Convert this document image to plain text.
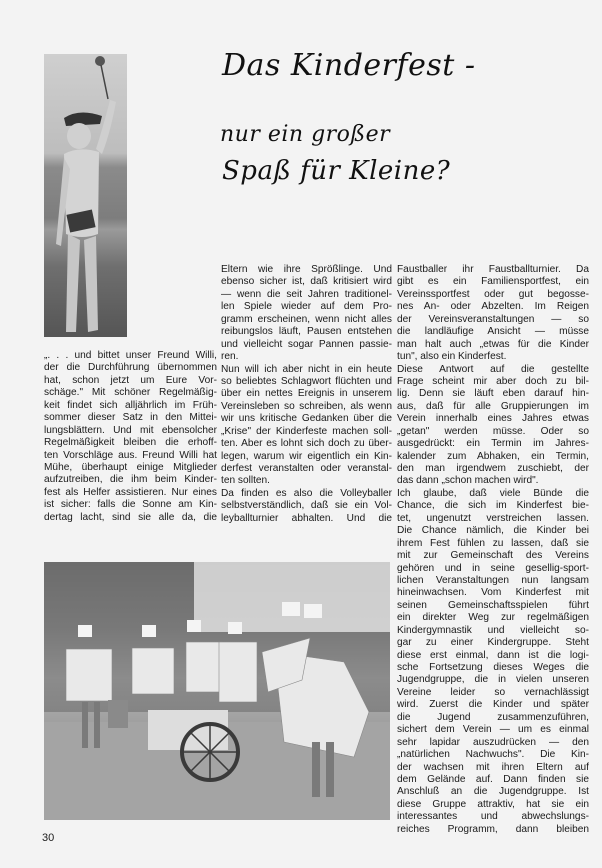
Das Kinderfest -
nur ein großer
Spaß für Kleine?
„. . . und bittet unser Freund Willi,
der die Durchführung übernommen
hat, schon jetzt um Eure Vor-
schäge." Mit schöner Regelmäßig-
keit findet sich alljährlich im Früh-
sommer dieser Satz in den Mittei-
lungsblättern. Und mit ebensolcher
Regelmäßigkeit bleiben die erhoff-
ten Vorschläge aus. Freund Willi hat
Mühe, überhaupt einige Mitglieder
aufzutreiben, die ihm beim Kinder-
fest als Helfer assistieren. Nur eines
ist sicher: falls die Sonne am Kin-
dertag lacht, sind sie alle da, die
Eltern wie ihre Sprößlinge. Und
ebenso sicher ist, daß kritisiert wird
— wenn die seit Jahren traditionel-
len Spiele wieder auf dem Pro-
gramm erscheinen, wenn nicht alles
reibungslos läuft, Pausen entstehen
und vielleicht sogar Pannen passie-
ren.
Nun will ich aber nicht in ein heute
so beliebtes Schlagwort flüchten und
über ein nettes Ereignis in unserem
Vereinsleben so schreiben, als wenn
wir uns kritische Gedanken über die
„Krise" der Kinderfeste machen soll-
ten. Aber es lohnt sich doch zu über-
legen, warum wir eigentlich ein Kin-
derfest veranstalten oder veranstal-
ten sollten.
Da finden es also die Volleyballer
selbstverständlich, daß sie ein Vol-
leyballturnier abhalten. Und die
Faustballer ihr Faustballturnier. Da
gibt es ein Familiensportfest, ein
Vereinssportfest oder gut begosse-
nes An- oder Abzelten. Im Reigen
der Vereinsveranstaltungen — so
die landläufige Ansicht — müsse
man halt auch „etwas für die Kinder
tun", also ein Kinderfest.
Diese Antwort auf die gestellte
Frage scheint mir aber doch zu bil-
lig. Denn sie läuft eben darauf hin-
aus, daß für alle Gruppierungen im
Verein innerhalb eines Jahres etwas
„getan" werden müsse. Oder so
ausgedrückt: ein Termin im Jahres-
kalender zum Abhaken, ein Termin,
den man irgendwem zuschiebt, der
das dann „schon machen wird".
Ich glaube, daß viele Bünde die
Chance, die sich im Kinderfest bie-
tet, ungenutzt verstreichen lassen.
Die Chance nämlich, die Kinder bei
ihrem Fest fühlen zu lassen, daß sie
mit zur Gemeinschaft des Vereins
gehören und in seine gesellig-sport-
lichen Veranstaltungen nun langsam
hineinwachsen. Vom Kinderfest mit
seinen Gemeinschaftsspielen führt
ein direkter Weg zur regelmäßigen
Kindergymnastik und vielleicht so-
gar zu einer Kindergruppe. Steht
diese erst einmal, dann ist die logi-
sche Fortsetzung dieses Weges die
Jugendgruppe, die in vielen unseren
Vereine leider so vernachlässigt
wird. Zuerst die Kinder und später
die Jugend zusammenzuführen,
sichert dem Verein — um es einmal
sehr lapidar auszudrücken — den
„natürlichen Nachwuchs". Die Kin-
der wachsen mit ihren Eltern auf
dem Gelände auf. Dann finden sie
Anschluß an die Jugendgruppe. Ist
diese Gruppe attraktiv, hat sie ein
interessantes und abwechslungs-
reiches Programm, dann bleiben
30
